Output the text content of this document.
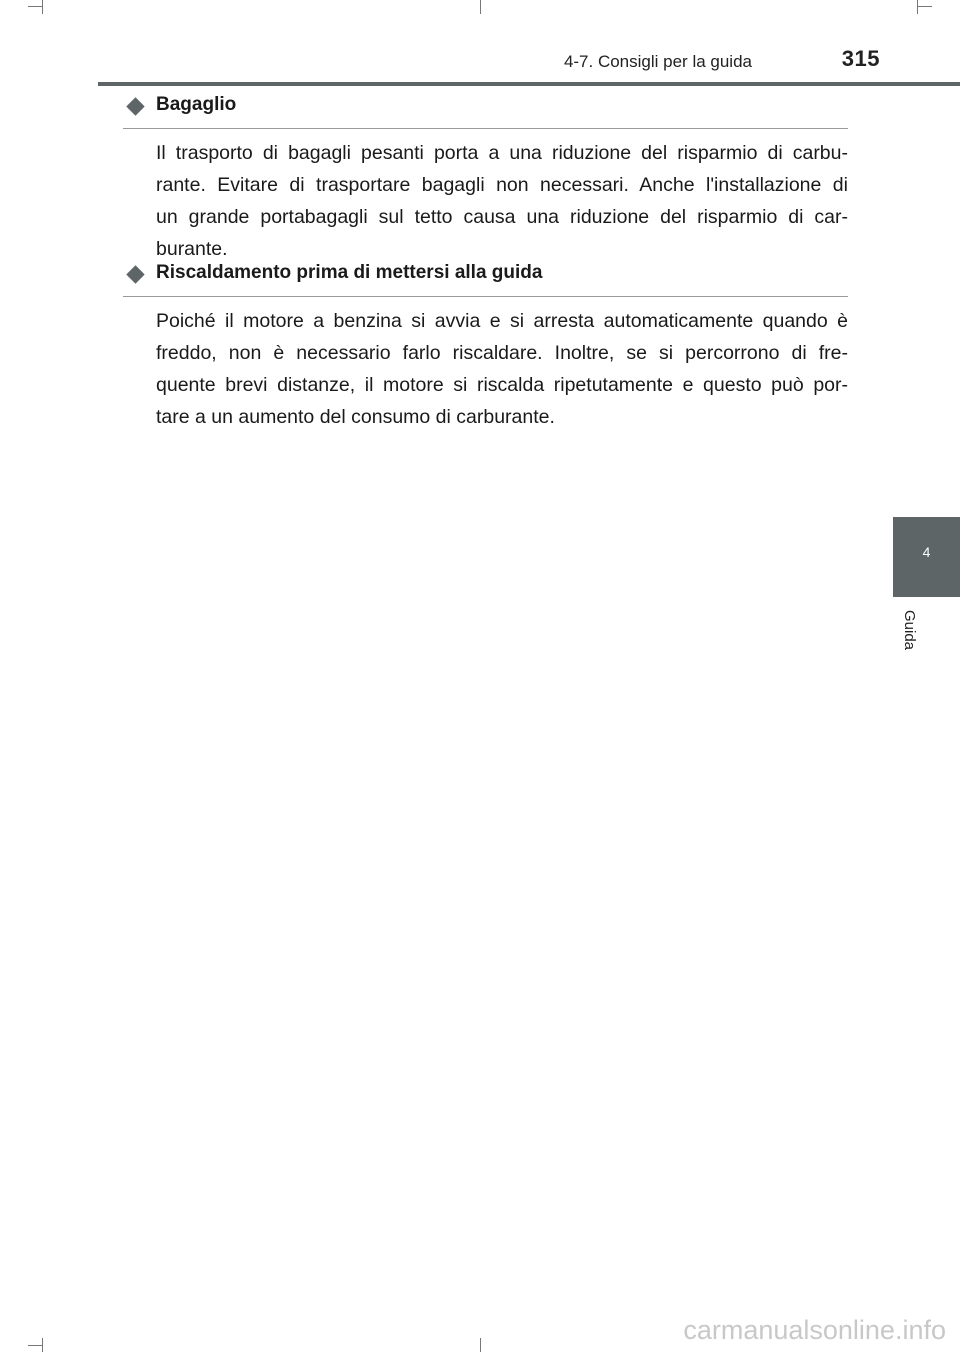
4-7. Consigli per la guida	315
4
Guida
Bagaglio
Il trasporto di bagagli pesanti porta a una riduzione del risparmio di carbu-
rante. Evitare di trasportare bagagli non necessari. Anche l'installazione di
un grande portabagagli sul tetto causa una riduzione del risparmio di car-
burante.
Riscaldamento prima di mettersi alla guida
Poiché il motore a benzina si avvia e si arresta automaticamente quando è
freddo, non è necessario farlo riscaldare. Inoltre, se si percorrono di fre-
quente brevi distanze, il motore si riscalda ripetutamente e questo può por-
tare a un aumento del consumo di carburante.
carmanualsonline.info
